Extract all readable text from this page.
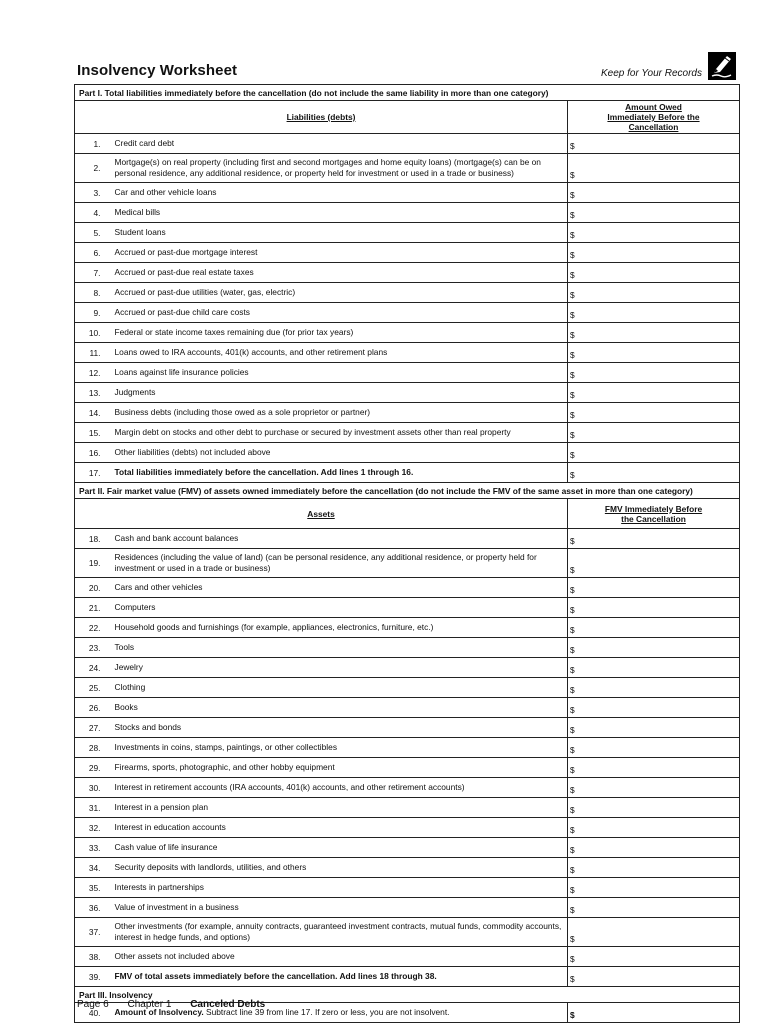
Insolvency Worksheet	Keep for Your Records
Part I. Total liabilities immediately before the cancellation (do not include the same liability in more than one category)		
Liabilities (debts)		Amount Owed
Immediately Before the
Cancellation
1.	Credit card debt	$
2.	Mortgage(s) on real property (including first and second mortgages and home equity loans) (mortgage(s) can be on personal residence, any additional residence, or property held for investment or used in a trade or business)	$
3.	Car and other vehicle loans	$
4.	Medical bills	$
5.	Student loans	$
6.	Accrued or past-due mortgage interest	$
7.	Accrued or past-due real estate taxes	$
8.	Accrued or past-due utilities (water, gas, electric)	$
9.	Accrued or past-due child care costs	$
10.	Federal or state income taxes remaining due (for prior tax years)	$
11.	Loans owed to IRA accounts, 401(k) accounts, and other retirement plans	$
12.	Loans against life insurance policies	$
13.	Judgments	$
14.	Business debts (including those owed as a sole proprietor or partner)	$
15.	Margin debt on stocks and other debt to purchase or secured by investment assets other than real property	$
16.	Other liabilities (debts) not included above	$
17.	Total liabilities immediately before the cancellation. Add lines 1 through 16.	$
Part II. Fair market value (FMV) of assets owned immediately before the cancellation (do not include the FMV of the same asset in more than one category)		
Assets		FMV Immediately Before
the Cancellation
18.	Cash and bank account balances	$
19.	Residences (including the value of land) (can be personal residence, any additional residence, or property held for investment or used in a trade or business)	$
20.	Cars and other vehicles	$
21.	Computers	$
22.	Household goods and furnishings (for example, appliances, electronics, furniture, etc.)	$
23.	Tools	$
24.	Jewelry	$
25.	Clothing	$
26.	Books	$
27.	Stocks and bonds	$
28.	Investments in coins, stamps, paintings, or other collectibles	$
29.	Firearms, sports, photographic, and other hobby equipment	$
30.	Interest in retirement accounts (IRA accounts, 401(k) accounts, and other retirement accounts)	$
31.	Interest in a pension plan	$
32.	Interest in education accounts	$
33.	Cash value of life insurance	$
34.	Security deposits with landlords, utilities, and others	$
35.	Interests in partnerships	$
36.	Value of investment in a business	$
37.	Other investments (for example, annuity contracts, guaranteed investment contracts, mutual funds, commodity accounts, interest in hedge funds, and options)	$
38.	Other assets not included above	$
39.	FMV of total assets immediately before the cancellation. Add lines 18 through 38.	$
Part III. Insolvency		
40.	Amount of Insolvency. Subtract line 39 from line 17. If zero or less, you are not insolvent.	$
Page 6 Chapter 1 Canceled Debts
